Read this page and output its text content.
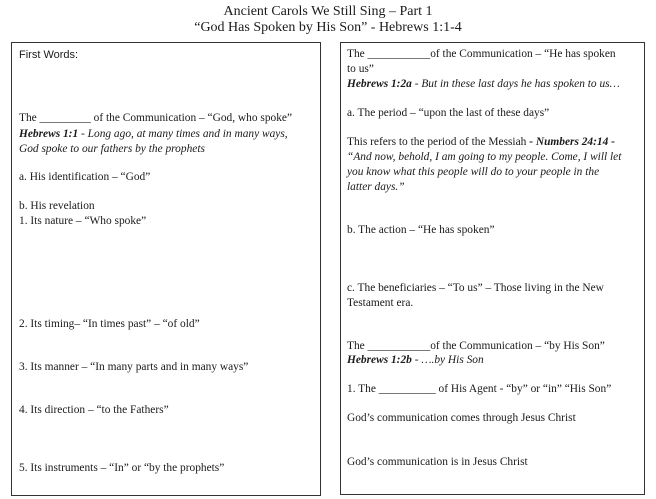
Ancient Carols We Still Sing – Part 1
“God Has Spoken by His Son” - Hebrews 1:1-4
First Words:
The _________ of the Communication – “God, who spoke”
Hebrews 1:1 - Long ago, at many times and in many ways,
God spoke to our fathers by the prophets
a. His identification – “God”
b. His revelation
1. Its nature – “Who spoke”
2. Its timing– “In times past” – “of old”
3. Its manner – “In many parts and in many ways”
4. Its direction – “to the Fathers”
5. Its instruments – “In” or “by the prophets”
The ___________of the Communication – “He has spoken
to us”
Hebrews 1:2a - But in these last days he has spoken to us…
a. The period – “upon the last of these days”
This refers to the period of the Messiah - Numbers 24:14 -
“And now, behold, I am going to my people. Come, I will let
you know what this people will do to your people in the
latter days.”
b. The action – “He has spoken”
c. The beneficiaries – “To us” – Those living in the New
Testament era.
The ___________of the Communication – “by His Son”
Hebrews 1:2b - ….by His Son
1. The __________ of His Agent - “by” or “in” “His Son”
God’s communication comes through Jesus Christ
God’s communication is in Jesus Christ
